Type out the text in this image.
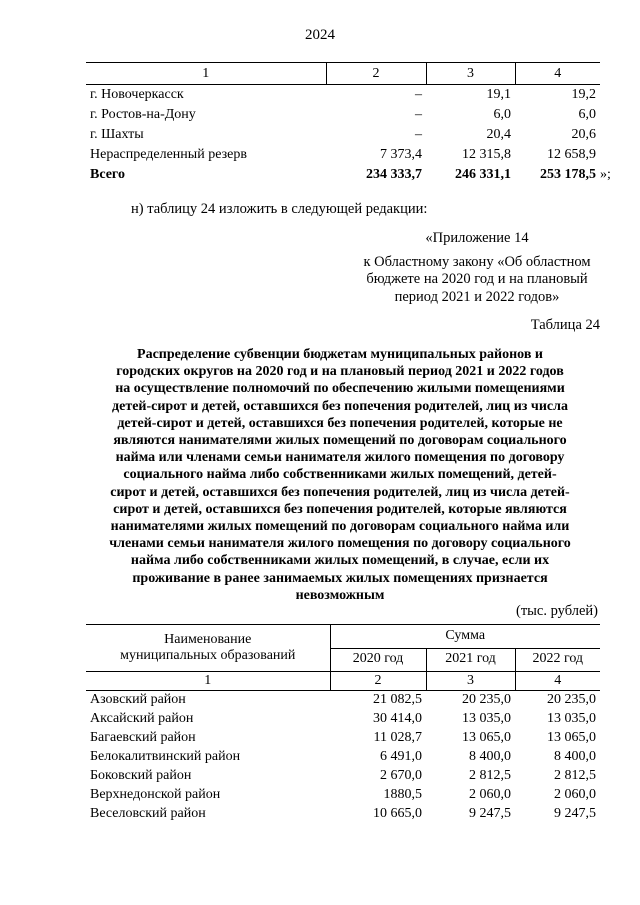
2024
1	2	3	4
г. Новочеркасск	–	19,1	19,2
г. Ростов-на-Дону	–	6,0	6,0
г. Шахты	–	20,4	20,6
Нераспределенный резерв	7 373,4	12 315,8	12 658,9
Всего	234 333,7	246 331,1	253 178,5 »;
н) таблицу 24 изложить в следующей редакции:
«Приложение 14
к Областному закону «Об областном
бюджете на 2020 год и на плановый
период 2021 и 2022 годов»
Таблица 24
Распределение субвенции бюджетам муниципальных районов и
городских округов на 2020 год и на плановый период 2021 и 2022 годов
на осуществление полномочий по обеспечению жилыми помещениями
детей-сирот и детей, оставшихся без попечения родителей, лиц из числа
детей-сирот и детей, оставшихся без попечения родителей, которые не
являются нанимателями жилых помещений по договорам социального
найма или членами семьи нанимателя жилого помещения по договору
социального найма либо собственниками жилых помещений, детей-
сирот и детей, оставшихся без попечения родителей, лиц из числа детей-
сирот и детей, оставшихся без попечения родителей, которые являются
нанимателями жилых помещений по договорам социального найма или
членами семьи нанимателя жилого помещения по договору социального
найма либо собственниками жилых помещений, в случае, если их
проживание в ранее занимаемых жилых помещениях признается
невозможным
(тыс. рублей)
Наименование
муниципальных образований	Сумма		
	2020 год	2021 год	2022 год
1	2	3	4
Азовский район	21 082,5	20 235,0	20 235,0
Аксайский район	30 414,0	13 035,0	13 035,0
Багаевский район	11 028,7	13 065,0	13 065,0
Белокалитвинский район	6 491,0	8 400,0	8 400,0
Боковский район	2 670,0	2 812,5	2 812,5
Верхнедонской район	1880,5	2 060,0	2 060,0
Веселовский район	10 665,0	9 247,5	9 247,5
